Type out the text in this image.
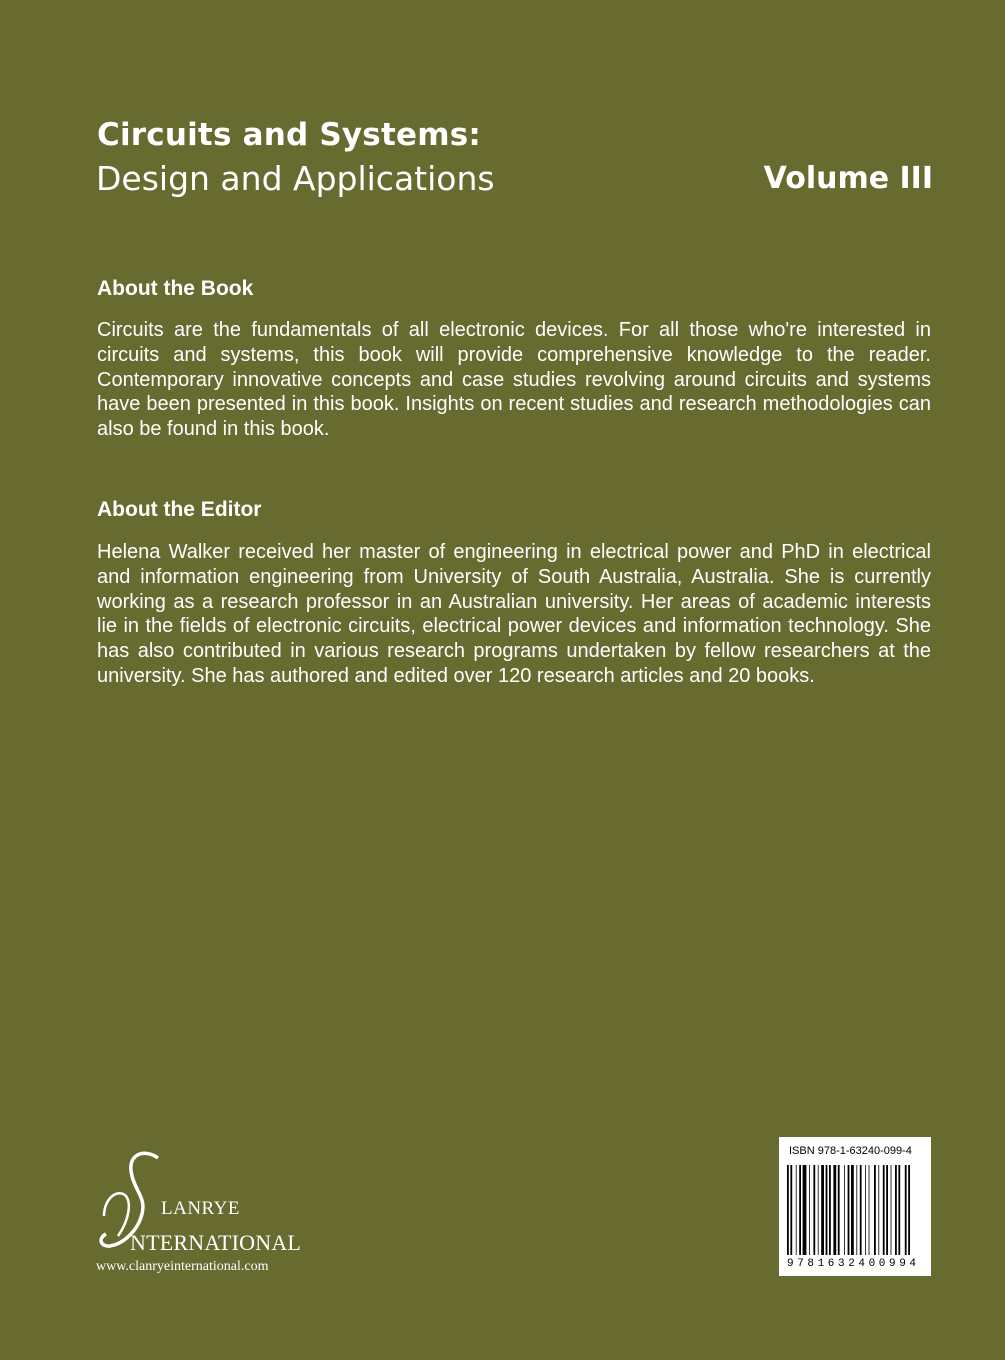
Circuits and Systems:
Design and Applications	Volume III
About the Book
Circuits are the fundamentals of all electronic devices. For all those who're interested in circuits and systems, this book will provide comprehensive knowledge to the reader. Contemporary innovative concepts and case studies revolving around circuits and systems have been presented in this book. Insights on recent studies and research methodologies can also be found in this book.
About the Editor
Helena Walker received her master of engineering in electrical power and PhD in electrical and information engineering from University of South Australia, Australia. She is currently working as a research professor in an Australian university. Her areas of academic interests lie in the fields of electronic circuits, electrical power devices and information technology. She has also contributed in various research programs undertaken by fellow researchers at the university. She has authored and edited over 120 research articles and 20 books.
LANRYE
NTERNATIONAL
www.clanryeinternational.com
ISBN 978-1-63240-099-4
9781632400994
